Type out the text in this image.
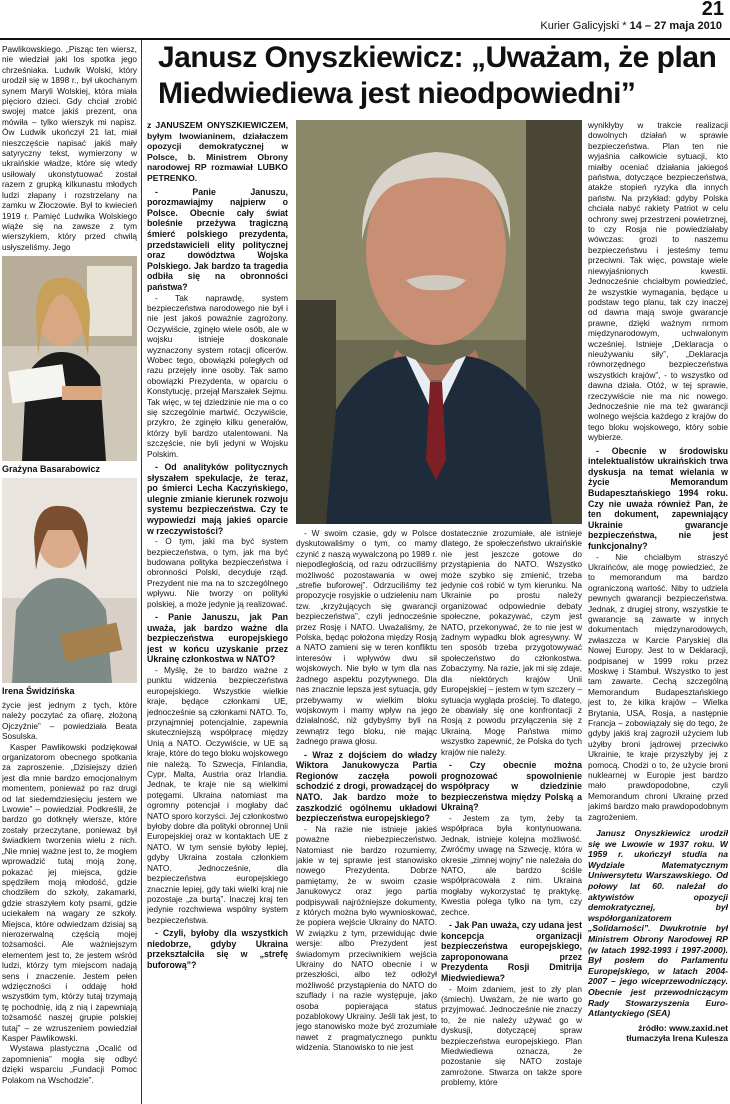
21
Kurier Galicyjski * 14 – 27 maja 2010

Pawlikowskiego. „Pisząc ten wiersz, nie wiedział jaki los spotka jego chrześniaka. Ludwik Wolski, który urodził się w 1898 r., był ukochanym synem Maryli Wolskiej, która miała pięcioro dzieci. Gdy chciał zrobić swojej matce jakiś prezent, ona mówiła – tylko wierszyk mi napisz. Ów Ludwik ukończył 21 lat, miał nieszczęście napisać jakiś mały satyryczny tekst, wymierzony w ukraińskie władze, które się wtedy usiłowały ukonstytuować został razem z grupką kilkunastu młodych ludzi złapany i rozstrzelany na zamku w Złoczowie. Był to kwiecień 1919 r. Pamięć Ludwika Wolskiego wiąże się na zawsze z tym wierszykiem, który przed chwilą usłyszeliśmy. Jego

Grażyna Basarabowicz
Irena Świdzińska

życie jest jednym z tych, które należy poczytać za ofiarę, złożoną Ojczyźnie” – powiedziała Beata Sosulska.

Kasper Pawlikowski podziękował organizatorom obecnego spotkania za zaproszenie. „Dzisiejszy dzień jest dla mnie bardzo emocjonalnym momentem, ponieważ po raz drugi od lat siedemdziesięciu jestem we Lwowie” – powiedział. Podkreślił, że bardzo go dotknęły wiersze, które zostały przeczytane, ponieważ był świadkiem tworzenia wielu z nich. „Nie mniej ważne jest to, że mogłem wprowadzić tutaj moją żonę, pokazać jej miejsca, gdzie spędziłem moją młodość, gdzie chodziłem do szkoły, zakamarki, gdzie straszyłem koty psami, gdzie uciekałem na wagary ze szkoły. Miejsca, które odwiedzam dzisiaj są nierozerwalną częścią mojej tożsamości. Ale ważniejszym elementem jest to, że jestem wśród ludzi, którzy tym miejscom nadają sens i znaczenie. Jestem pełen wdzięczności i oddaję hołd wszystkim tym, którzy tutaj trzymają tę pochodnię, idą z nią i zapewniają tożsamość naszej grupie polskiej tutaj” – ze wzruszeniem powiedział Kasper Pawlikowski.

Wystawa plastyczna „Ocalić od zapomnienia” mogła się odbyć dzięki wsparciu „Fundacji Pomoc Polakom na Wschodzie”.

Janusz Onyszkiewicz: „Uważam, że plan
Miedwiediewa jest nieodpowiedni”

z JANUSZEM ONYSZKIEWICZEM, byłym lwowianinem, działaczem opozycji demokratycznej w Polsce, b. Ministrem Obrony narodowej RP rozmawiał LUBKO PETRENKO.

- Panie Januszu, porozmawiajmy najpierw o Polsce. Obecnie cały świat boleśnie przeżywa tragiczną śmierć polskiego prezydenta, przedstawicieli elity politycznej oraz dowództwa Wojska Polskiego. Jak bardzo ta tragedia odbiła się na obronności państwa?

- Tak naprawdę, system bezpieczeństwa narodowego nie był i nie jest jakoś poważnie zagrożony. Oczywiście, zginęło wiele osób, ale w wojsku istnieje doskonale wyznaczony system rotacji oficerów. Wobec tego, obowiązki poległych od razu przejęły inne osoby. Tak samo obowiązki Prezydenta, w oparciu o Konstytucję, przejął Marszałek Sejmu. Tak więc, w tej dziedzinie nie ma o co się szczególnie martwić. Oczywiście, przykro, że zginęło kilku generałów, którzy byli bardzo utalentowani. Na szczęście, nie byli jedyni w Wojsku Polskim.

- Od analityków politycznych słyszałem spekulacje, że teraz, po śmierci Lecha Kaczyńskiego, ulegnie zmianie kierunek rozwoju systemu bezpieczeństwa. Czy te wypowiedzi mają jakieś oparcie w rzeczywistości?

- O tym, jaki ma być system bezpieczeństwa, o tym, jak ma być budowana polityka bezpieczeństwa i obronności Polski, decyduje rząd. Prezydent nie ma na to szczególnego wpływu. Nie tworzy on polityki polskiej, a może jedynie ją realizować.

- Panie Januszu, jak Pan uważa, jak bardzo ważne dla bezpieczeństwa europejskiego jest w końcu uzyskanie przez Ukrainę członkostwa w NATO?

- Myślę, że to bardzo ważne z punktu widzenia bezpieczeństwa europejskiego. Wszystkie wielkie kraje, będące członkami UE, jednocześnie są członkami NATO. To, przynajmniej potencjalnie, zapewnia skuteczniejszą współpracę między Unią a NATO. Oczywiście, w UE są kraje, które do tego bloku wojskowego nie należą. To Szwecja, Finlandia, Cypr, Malta, Austria oraz Irlandia. Jednak, te kraje nie są wielkimi potęgami. Ukraina natomiast ma ogromny potencjał i mogłaby dać NATO sporo korzyści. Jej członkostwo byłoby dobre dla polityki obronnej Unii Europejskiej oraz w kontaktach UE z NATO. W tym sensie byłoby lepiej, gdyby Ukraina została członkiem NATO. Jednocześnie, dla bezpieczeństwa europejskiego znacznie lepiej, gdy taki wielki kraj nie pozostaje „za burtą”. Inaczej kraj ten jedynie rozchwiewa wspólny system bezpieczeństwa.

- Czyli, byłoby dla wszystkich niedobrze, gdyby Ukraina przekształciła się w „strefę buforową”?

- W swoim czasie, gdy w Polsce dyskutowaliśmy o tym, co mamy czynić z naszą wywalczoną po 1989 r. niepodległością, od razu odrzuciliśmy możliwość pozostawania w owej „strefie buforowej”. Odrzuciliśmy też propozycje rosyjskie o udzieleniu nam tzw. „krzyżujących się gwarancji bezpieczeństwa”, czyli jednocześnie przez Rosję i NATO. Uważaliśmy, że Polska, będąc położona między Rosją a NATO zamieni się w teren konfliktu interesów i wpływów dwu sił wojskowych. Nie było w tym dla nas żadnego aspektu pozytywnego. Dla nas znacznie lepsza jest sytuacja, gdy przebywamy w wielkim bloku wojskowym i mamy wpływ na jego działalność, niż gdybyśmy byli na zewnątrz tego bloku, nie mając żadnego prawa głosu.

- Wraz z dojściem do władzy Wiktora Janukowycza Partia Regionów zaczęła powoli schodzić z drogi, prowadzącej do NATO. Jak bardzo może to zaszkodzić ogólnemu układowi bezpieczeństwa europejskiego?

- Na razie nie istnieje jakieś poważne niebezpieczeństwo. Natomiast nie bardzo rozumiemy, jakie w tej sprawie jest stanowisko nowego Prezydenta. Dobrze pamiętamy, że w swoim czasie Janukowycz oraz jego partia podpisywali najróżniejsze dokumenty, z których można było wywnioskować, że popiera wejście Ukrainy do NATO. W związku z tym, przewidując dwie wersje: albo Prezydent jest świadomym przeciwnikiem wejścia Ukrainy do NATO obecnie i w przeszłości, albo też odłożył możliwość przystąpienia do NATO do szuflady i na razie występuje, jako osoba popierająca status pozablokowy Ukrainy. Jeśli tak jest, to jego stanowisko może być zrozumiałe nawet z pragmatycznego punktu widzenia. Stanowisko to nie jest

dostatecznie zrozumiałe, ale istnieje dlatego, że społeczeństwo ukraińskie nie jest jeszcze gotowe do przystąpienia do NATO. Wszystko może szybko się zmienić, trzeba jedynie coś robić w tym kierunku. Na Ukrainie po prostu należy organizować odpowiednie debaty społeczne, pokazywać, czym jest NATO, przekonywać, że to nie jest w żadnym wypadku blok agresywny. W ten sposób trzeba przygotowywać społeczeństwo do członkostwa. Zobaczymy. Na razie, jak mi się zdaje, dla niektórych krajów Unii Europejskiej – jestem w tym szczery – sytuacja wygląda prościej. To dlatego, że obawiały się one konfrontacji z Rosją z powodu przyłączenia się z Ukrainą. Mogę Państwa mimo wszystko zapewnić, że Polska do tych krajów nie należy.

- Czy obecnie można prognozować spowolnienie współpracy w dziedzinie bezpieczeństwa między Polską a Ukrainą?

- Jestem za tym, żeby ta współpraca była kontynuowana. Jednak, istnieje kolejna możliwość. Zwróćmy uwagę na Szwecję, która w okresie „zimnej wojny” nie należała do NATO, ale bardzo ściśle współpracowała z nim. Ukraina mogłaby wykorzystać tę praktykę. Kwestia polega tylko na tym, czy zechce.

- Jak Pan uważa, czy udana jest koncepcja organizacji bezpieczeństwa europejskiego, zaproponowana przez Prezydenta Rosji Dmitrija Miedwiediewa?

- Moim zdaniem, jest to zły plan (śmiech). Uważam, że nie warto go przyjmować. Jednocześnie nie znaczy to, że nie należy używać go w dyskusji, dotyczącej spraw bezpieczeństwa europejskiego. Plan Miedwiediewa oznacza, że pozostanie się NATO zostaje zamrożone. Stwarza on także spore problemy, które

wynikłyby w trakcie realizacji dowolnych działań w sprawie bezpieczeństwa. Plan ten nie wyjaśnia całkowicie sytuacji, kto miałby oceniać działania jakiegoś państwa, dotyczące bezpieczeństwa, atakże stopień ryzyka dla innych państw. Na przykład: gdyby Polska chciała nabyć rakiety Patriot w celu ochrony swej przestrzeni powietrznej, to czy Rosja nie powiedziałaby wówczas: grozi to naszemu bezpieczeństwu i jesteśmy temu przeciwni. Tak więc, powstaje wiele niewyjaśnionych kwestii. Jednocześnie chciałbym powiedzieć, że wszystkie wymagania, będące u podstaw tego planu, tak czy inaczej od dawna mają swoje gwarancje prawne, dzięki ważnym nrmom międzynarodowym, uchwalonym wcześniej. Istnieje „Deklaracja o nieużywaniu siły”, „Deklaracja równorzędnego bezpieczeństwa wszystkich krajów”, - to wszystko od dawna działa. Otóż, w tej sprawie, rzeczywiście nie ma nic nowego. Jednocześnie nie ma też gwarancji wolnego wejścia każdego z krajów do tego bloku wojskowego, który sobie wybierze.

- Obecnie w środowisku intelektualistów ukraińskich trwa dyskusja na temat wielania w życie Memorandum Budapesztańskiego 1994 roku. Czy nie uważa również Pan, że ten dokument, zapewniający Ukrainie gwarancje bezpieczeństwa, nie jest funkcjonalny?

- Nie chciałbym straszyć Ukraińców, ale mogę powiedzieć, że to memorandum ma bardzo ograniczoną wartość. Niby to udziela pewnych gwarancji bezpieczeństwa. Jednak, z drugiej strony, wszystkie te gwarancje są zawarte w innych dokumentach międzynarodowych, zwłaszcza w Karcie Paryskiej dla Nowej Europy. Jest to w Deklaracji, podpisanej w 1999 roku przez Moskwę i Stambuł. Wszystko to jest tam zawarte. Cechą szczególną Memorandum Budapesztańskiego jest to, że kilka krajów – Wielka Brytania, USA, Rosja, a następnie Francja – zobowiązały się do tego, że gdyby jakiś kraj zagroził użyciem lub użyłby broni jądrowej przeciwko Ukrainie, te kraje przyszłyby jej z pomocą. Chodzi o to, że użycie broni nuklearnej w Europie jest bardzo mało prawdopodobne, czyli Memorandum chroni Ukrainę przed jakimś bardzo mało prawdopodobnym zagrożeniem.

Janusz Onyszkiewicz urodził się we Lwowie w 1937 roku. W 1959 r. ukończył studia na Wydziale Matematycznym Uniwersytetu Warszawskiego. Od połowy lat 60. należał do aktywistów opozycji demokratycznej, był współorganizatorem „Solidarności”. Dwukrotnie był Ministrem Obrony Narodowej RP (w latach 1992-1993 i 1997-2000). Był posłem do Parlamentu Europejskiego, w latach 2004-2007 – jego wiceprzewodniczący. Obecnie jest przewodniczącym Rady Stowarzyszenia Euro-Atlantyckiego (SEA)

źródło: www.zaxid.net

tłumaczyła Irena Kulesza
